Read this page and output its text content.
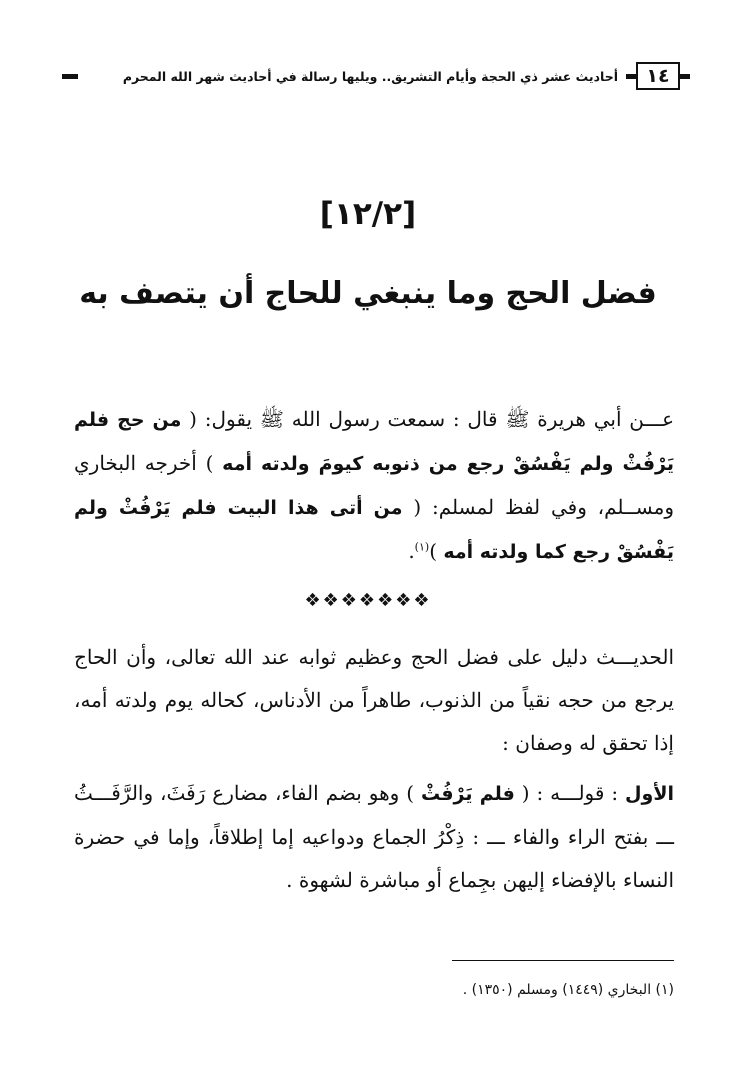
١٤
أحاديث عشر ذي الحجة وأيام التشريق.. ويليها رسالة في أحاديث شهر الله المحرم
[١٢/٢]
فضل الحج وما ينبغي للحاج أن يتصف به
عـــن أبي هريرة ﷺ قال : سمعت رسول الله ﷺ يقول: ( من حج فلم يَرْفُثْ ولم يَفْسُقْ رجع من ذنوبه كيومَ ولدته أمه ) أخرجه البخاري ومســلم، وفي لفظ لمسلم: ( من أتى هذا البيت فلم يَرْفُثْ ولم يَفْسُقْ رجع كما ولدته أمه )$^{(١)}$.
❖❖❖❖❖❖❖
الحديـــث دليل على فضل الحج وعظيم ثوابه عند الله تعالى، وأن الحاج يرجع من حجه نقياً من الذنوب، طاهراً من الأدناس، كحاله يوم ولدته أمه، إذا تحقق له وصفان :
الأول : قولـــه : ( فلم يَرْفُثْ ) وهو بضم الفاء، مضارع رَفَثَ، والرَّفَـــثُ ـــ بفتح الراء والفاء ـــ : ذِكْرُ الجماع ودواعيه إما إطلاقاً، وإما في حضرة النساء بالإفضاء إليهن بجِماع أو مباشرة لشهوة .
(١) البخاري (١٤٤٩) ومسلم (١٣٥٠) .
